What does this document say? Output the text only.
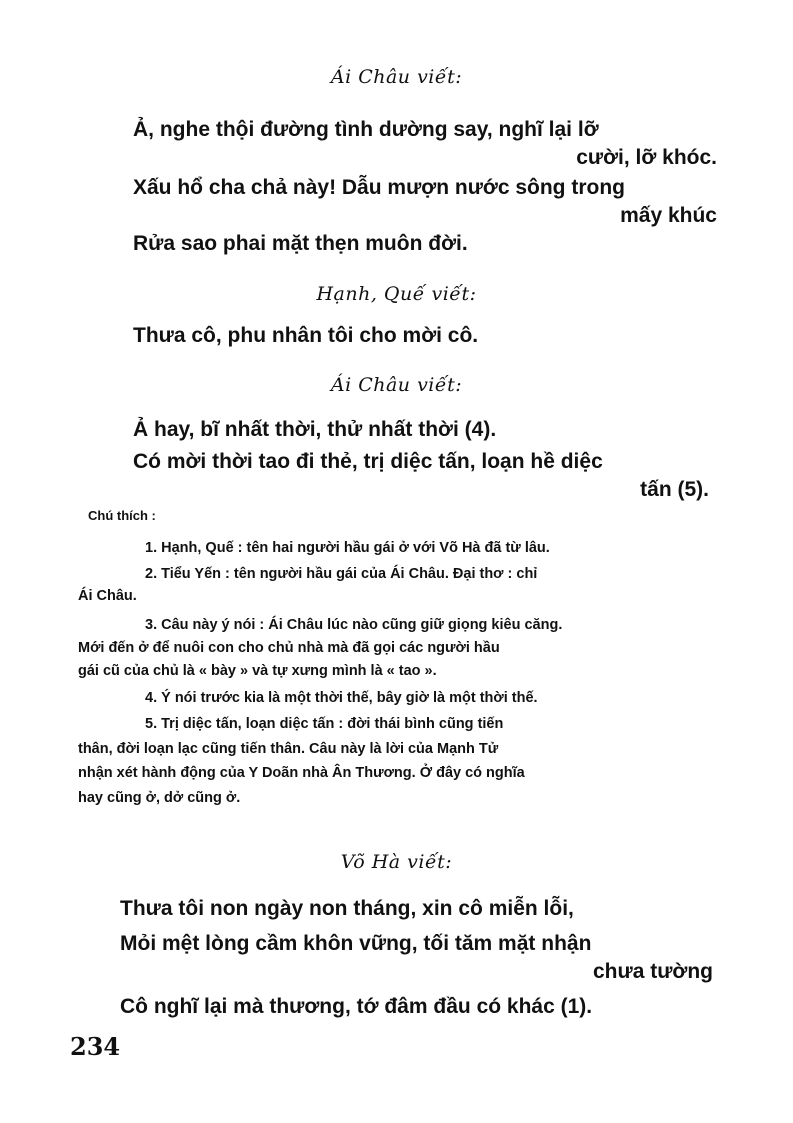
Ái Châu viết:
Ả, nghe thội đường tình dường say, nghĩ lại lỡ
cười, lỡ khóc.
Xấu hổ cha chả này! Dẫu mượn nước sông trong
mấy khúc
Rửa sao phai mặt thẹn muôn đời.
Hạnh, Quế viết:
Thưa cô, phu nhân tôi cho mời cô.
Ái Châu viết:
Ả hay, bĩ nhất thời, thử nhất thời (4).
Có mời thời tao đi thẻ, trị diệc tấn, loạn hề diệc
tấn (5).
Chú thích :
1. Hạnh, Quế : tên hai người hầu gái ở với Võ Hà đã từ lâu.
2. Tiểu Yến : tên người hầu gái của Ái Châu. Đại thơ : chỉ
Ái Châu.
3. Câu này ý nói : Ái Châu lúc nào cũng giữ giọng kiêu căng.
Mới đến ở để nuôi con cho chủ nhà mà đã gọi các người hầu
gái cũ của chủ là « bày » và tự xưng mình là « tao ».
4. Ý nói trước kia là một thời thế, bây giờ là một thời thế.
5. Trị diệc tấn, loạn diệc tấn : đời thái bình cũng tiến
thân, đời loạn lạc cũng tiến thân. Câu này là lời của Mạnh Tử
nhận xét hành động của Y Doãn nhà Ân Thương. Ở đây có nghĩa
hay cũng ở, dở cũng ở.
Võ Hà viết:
Thưa tôi non ngày non tháng, xin cô miễn lỗi,
Mỏi mệt lòng cầm khôn vững, tối tăm mặt nhận
chưa tường
Cô nghĩ lại mà thương, tớ đâm đầu có khác (1).
234
